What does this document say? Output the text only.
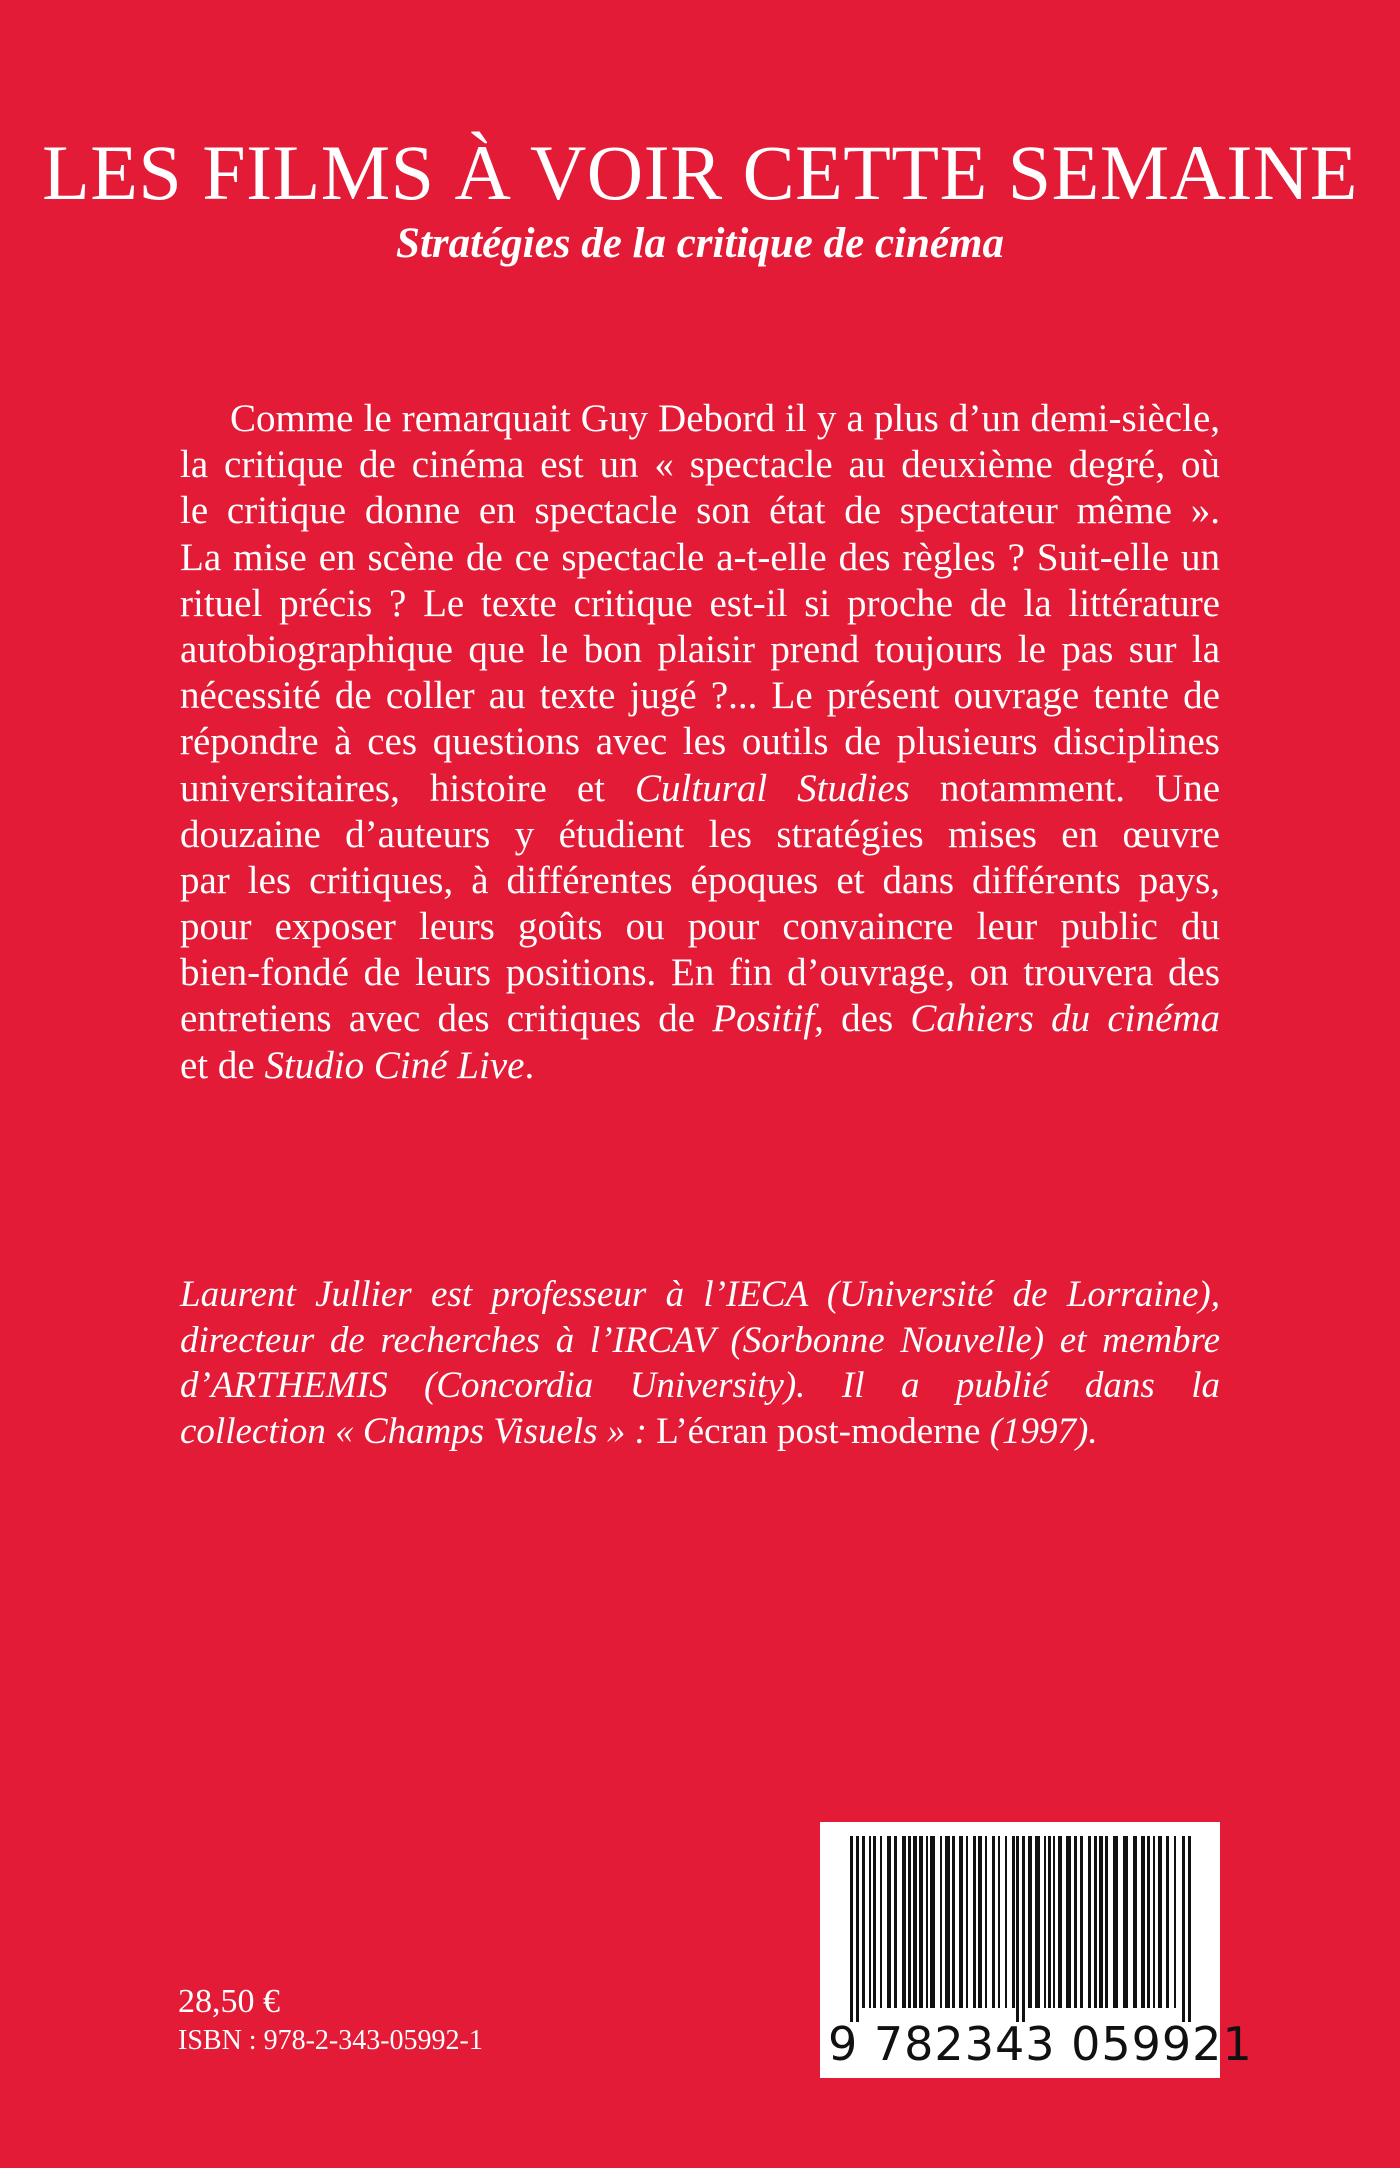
LES FILMS À VOIR CETTE SEMAINE
Stratégies de la critique de cinéma
Comme le remarquait Guy Debord il y a plus d’un demi-siècle,
la critique de cinéma est un « spectacle au deuxième degré, où
le critique donne en spectacle son état de spectateur même ».
La mise en scène de ce spectacle a-t-elle des règles ? Suit-elle un
rituel précis ? Le texte critique est-il si proche de la littérature
autobiographique que le bon plaisir prend toujours le pas sur la
nécessité de coller au texte jugé ?... Le présent ouvrage tente de
répondre à ces questions avec les outils de plusieurs disciplines
universitaires, histoire et Cultural Studies notamment. Une
douzaine d’auteurs y étudient les stratégies mises en œuvre
par les critiques, à différentes époques et dans différents pays,
pour exposer leurs goûts ou pour convaincre leur public du
bien-fondé de leurs positions. En fin d’ouvrage, on trouvera des
entretiens avec des critiques de Positif, des Cahiers du cinéma
et de Studio Ciné Live.
Laurent Jullier est professeur à l’IECA (Université de Lorraine),
directeur de recherches à l’IRCAV (Sorbonne Nouvelle) et membre
d’ARTHEMIS (Concordia University). Il a publié dans la
collection « Champs Visuels » : L’écran post-moderne (1997).
28,50 €
ISBN : 978-2-343-05992-1	9 782343 059921
